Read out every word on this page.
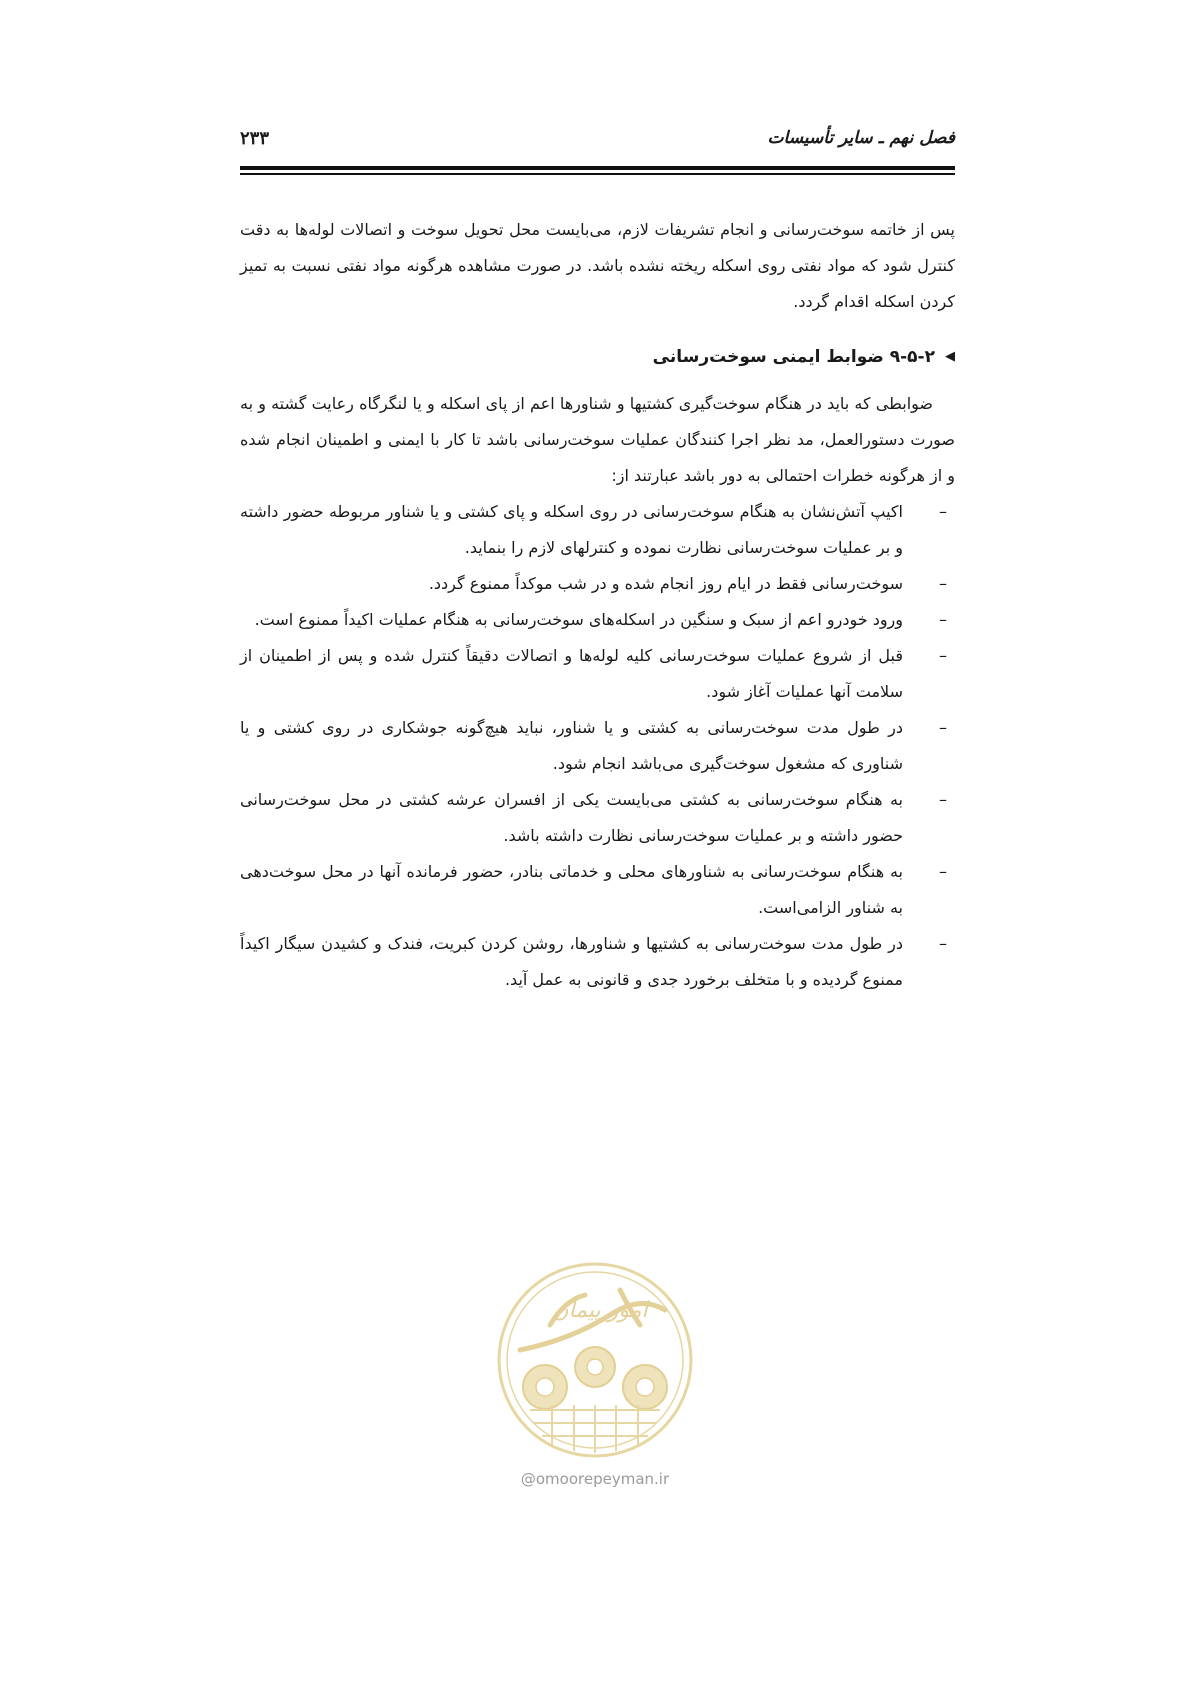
فصل نهم ـ سایر تأسیسات
۲۳۳

پس از خاتمه سوخت‌رسانی و انجام تشریفات لازم، می‌بایست محل تحویل سوخت و اتصالات لوله‌ها به دقت کنترل شود که مواد نفتی روی اسکله ریخته نشده باشد. در صورت مشاهده هرگونه مواد نفتی نسبت به تمیز کردن اسکله اقدام گردد.

◀
۹-۵-۲ ضوابط ایمنی سوخت‌رسانی

ضوابطی که باید در هنگام سوخت‌گیری کشتیها و شناورها اعم از پای اسکله و یا لنگرگاه رعایت گشته و به صورت دستورالعمل، مد نظر اجرا کنندگان عملیات سوخت‌رسانی باشد تا کار با ایمنی و اطمینان انجام شده و از هرگونه خطرات احتمالی به دور باشد عبارتند از:

–
اکیپ آتش‌نشان به هنگام سوخت‌رسانی در روی اسکله و پای کشتی و یا شناور مربوطه حضور داشته و بر عملیات سوخت‌رسانی نظارت نموده و کنترلهای لازم را بنماید.
–
سوخت‌رسانی فقط در ایام روز انجام شده و در شب موکداً ممنوع گردد.
–
ورود خودرو اعم از سبک و سنگین در اسکله‌های سوخت‌رسانی به هنگام عملیات اکیداً ممنوع است.
–
قبل از شروع عملیات سوخت‌رسانی کلیه لوله‌ها و اتصالات دقیقاً کنترل شده و پس از اطمینان از سلامت آنها عملیات آغاز شود.
–
در طول مدت سوخت‌رسانی به کشتی و یا شناور، نباید هیچ‌گونه جوشکاری در روی کشتی و یا شناوری که مشغول سوخت‌گیری می‌باشد انجام شود.
–
به هنگام سوخت‌رسانی به کشتی می‌بایست یکی از افسران عرشه کشتی در محل سوخت‌رسانی حضور داشته و بر عملیات سوخت‌رسانی نظارت داشته باشد.
–
به هنگام سوخت‌رسانی به شناورهای محلی و خدماتی بنادر، حضور فرمانده آنها در محل سوخت‌دهی به شناور الزامی‌است.
–
در طول مدت سوخت‌رسانی به کشتیها و شناورها، روشن کردن کبریت، فندک و کشیدن سیگار اکیداً ممنوع گردیده و با متخلف برخورد جدی و قانونی به عمل آید.
امور پیمان
@omoorepeyman.ir
